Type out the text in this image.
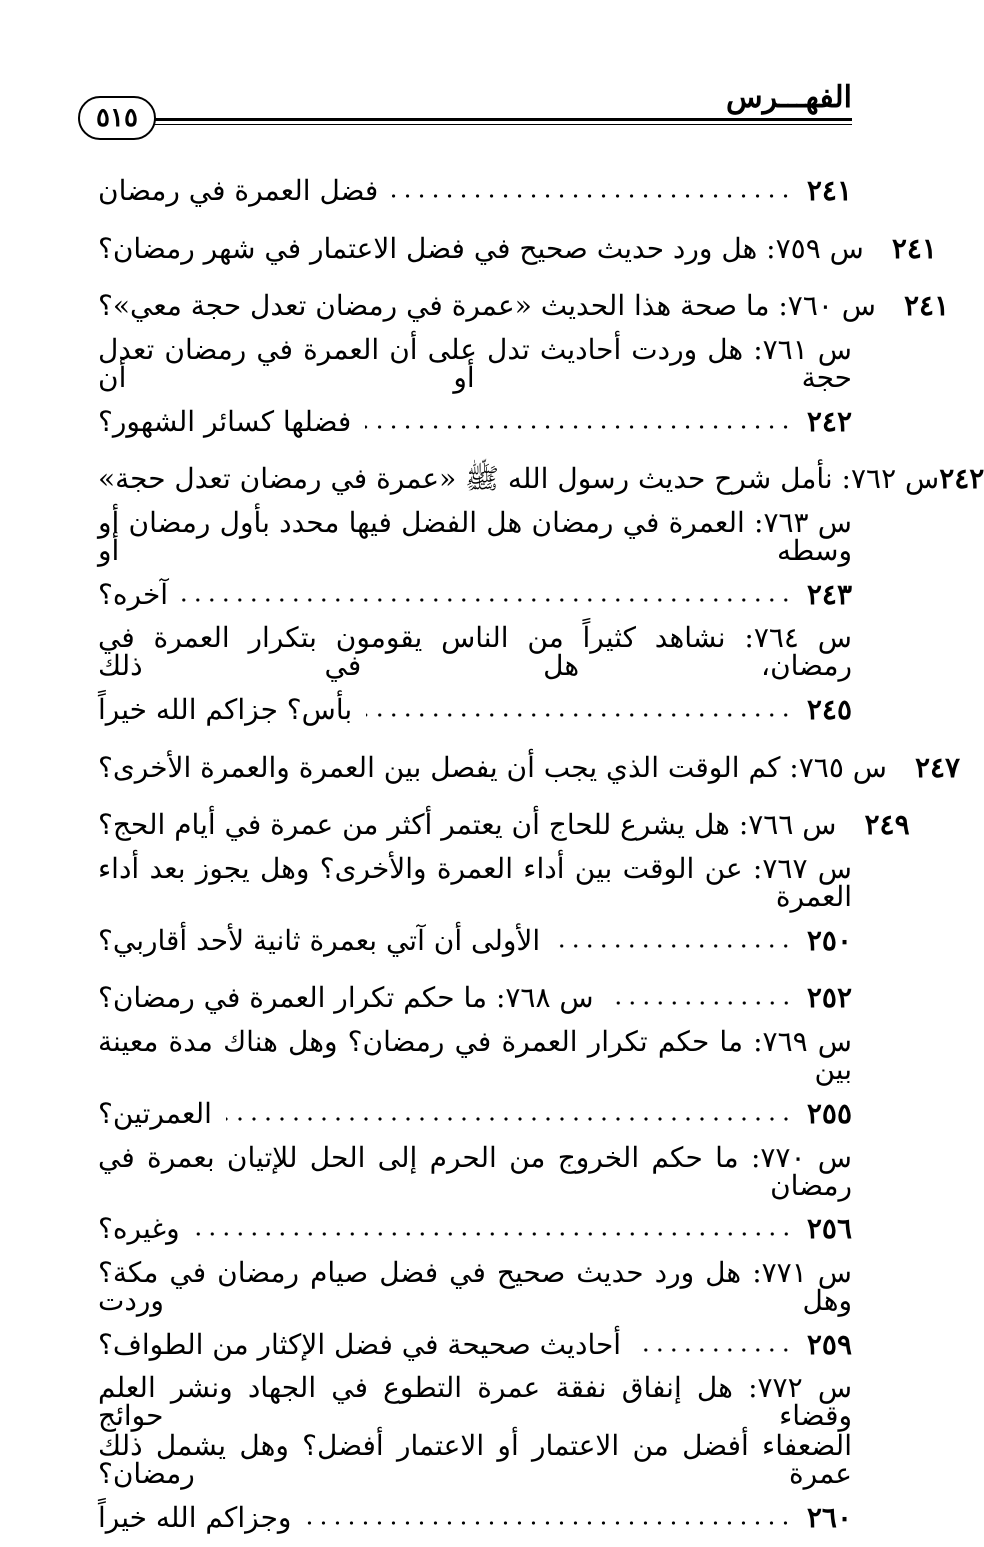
الفهـــرس
٥١٥
فضل العمرة في رمضان	٢٤١
س ٧٥٩: هل ورد حديث صحيح في فضل الاعتمار في شهر رمضان؟ ٢٤١
س ٧٦٠: ما صحة هذا الحديث «عمرة في رمضان تعدل حجة معي»؟ ٢٤١
س ٧٦١: هل وردت أحاديث تدل على أن العمرة في رمضان تعدل حجة أو أن
فضلها كسائر الشهور؟	٢٤٢
س ٧٦٢: نأمل شرح حديث رسول الله ﷺ «عمرة في رمضان تعدل حجة» ٢٤٢
س ٧٦٣: العمرة في رمضان هل الفضل فيها محدد بأول رمضان أو وسطه أو
آخره؟	٢٤٣
س ٧٦٤: نشاهد كثيراً من الناس يقومون بتكرار العمرة في رمضان، هل في ذلك
بأس؟ جزاكم الله خيراً	٢٤٥
س ٧٦٥: كم الوقت الذي يجب أن يفصل بين العمرة والعمرة الأخرى؟ ٢٤٧
س ٧٦٦: هل يشرع للحاج أن يعتمر أكثر من عمرة في أيام الحج؟ ٢٤٩
س ٧٦٧: عن الوقت بين أداء العمرة والأخرى؟ وهل يجوز بعد أداء العمرة
الأولى أن آتي بعمرة ثانية لأحد أقاربي؟	٢٥٠
س ٧٦٨: ما حكم تكرار العمرة في رمضان؟	٢٥٢
س ٧٦٩: ما حكم تكرار العمرة في رمضان؟ وهل هناك مدة معينة بين
العمرتين؟	٢٥٥
س ٧٧٠: ما حكم الخروج من الحرم إلى الحل للإتيان بعمرة في رمضان
وغيره؟	٢٥٦
س ٧٧١: هل ورد حديث صحيح في فضل صيام رمضان في مكة؟ وهل وردت
أحاديث صحيحة في فضل الإكثار من الطواف؟	٢٥٩
س ٧٧٢: هل إنفاق نفقة عمرة التطوع في الجهاد ونشر العلم وقضاء حوائج
الضعفاء أفضل من الاعتمار أو الاعتمار أفضل؟ وهل يشمل ذلك عمرة رمضان؟
وجزاكم الله خيراً	٢٦٠
